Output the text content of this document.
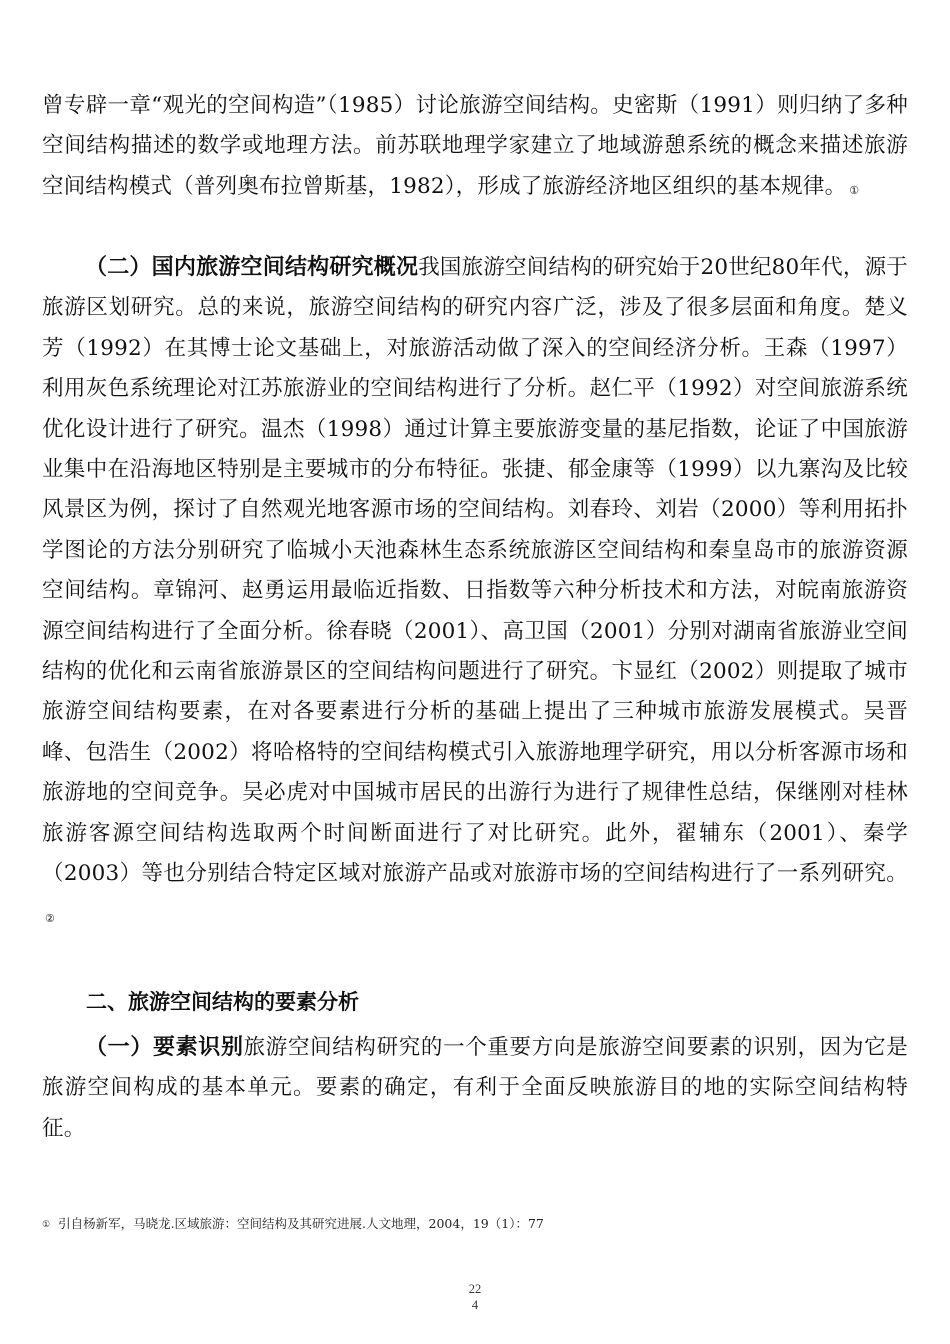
曾专辟一章“观光的空间构造”（1985）讨论旅游空间结构。史密斯（1991）则归纳了多种空间结构描述的数学或地理方法。前苏联地理学家建立了地域游憩系统的概念来描述旅游空间结构模式（普列奥布拉曾斯基，1982），形成了旅游经济地区组织的基本规律。 ①

（二）国内旅游空间结构研究概况我国旅游空间结构的研究始于20世纪80年代，源于旅游区划研究。总的来说，旅游空间结构的研究内容广泛，涉及了很多层面和角度。楚义芳（1992）在其博士论文基础上，对旅游活动做了深入的空间经济分析。王森（1997）利用灰色系统理论对江苏旅游业的空间结构进行了分析。赵仁平（1992）对空间旅游系统优化设计进行了研究。温杰（1998）通过计算主要旅游变量的基尼指数，论证了中国旅游业集中在沿海地区特别是主要城市的分布特征。张捷、郁金康等（1999）以九寨沟及比较风景区为例，探讨了自然观光地客源市场的空间结构。刘春玲、刘岩（2000）等利用拓扑学图论的方法分别研究了临城小天池森林生态系统旅游区空间结构和秦皇岛市的旅游资源空间结构。章锦河、赵勇运用最临近指数、日指数等六种分析技术和方法，对皖南旅游资源空间结构进行了全面分析。徐春晓（2001）、高卫国（2001）分别对湖南省旅游业空间结构的优化和云南省旅游景区的空间结构问题进行了研究。卞显红（2002）则提取了城市旅游空间结构要素，在对各要素进行分析的基础上提出了三种城市旅游发展模式。吴晋峰、包浩生（2002）将哈格特的空间结构模式引入旅游地理学研究，用以分析客源市场和旅游地的空间竞争。吴必虎对中国城市居民的出游行为进行了规律性总结，保继刚对桂林旅游客源空间结构选取两个时间断面进行了对比研究。此外，翟辅东（2001）、秦学（2003）等也分别结合特定区域对旅游产品或对旅游市场的空间结构进行了一系列研究。②

二、旅游空间结构的要素分析

（一）要素识别旅游空间结构研究的一个重要方向是旅游空间要素的识别，因为它是旅游空间构成的基本单元。要素的确定，有利于全面反映旅游目的地的实际空间结构特征。

① 引自杨新军，马晓龙.区域旅游：空间结构及其研究进展.人文地理，2004，19（1）：77
22
4
